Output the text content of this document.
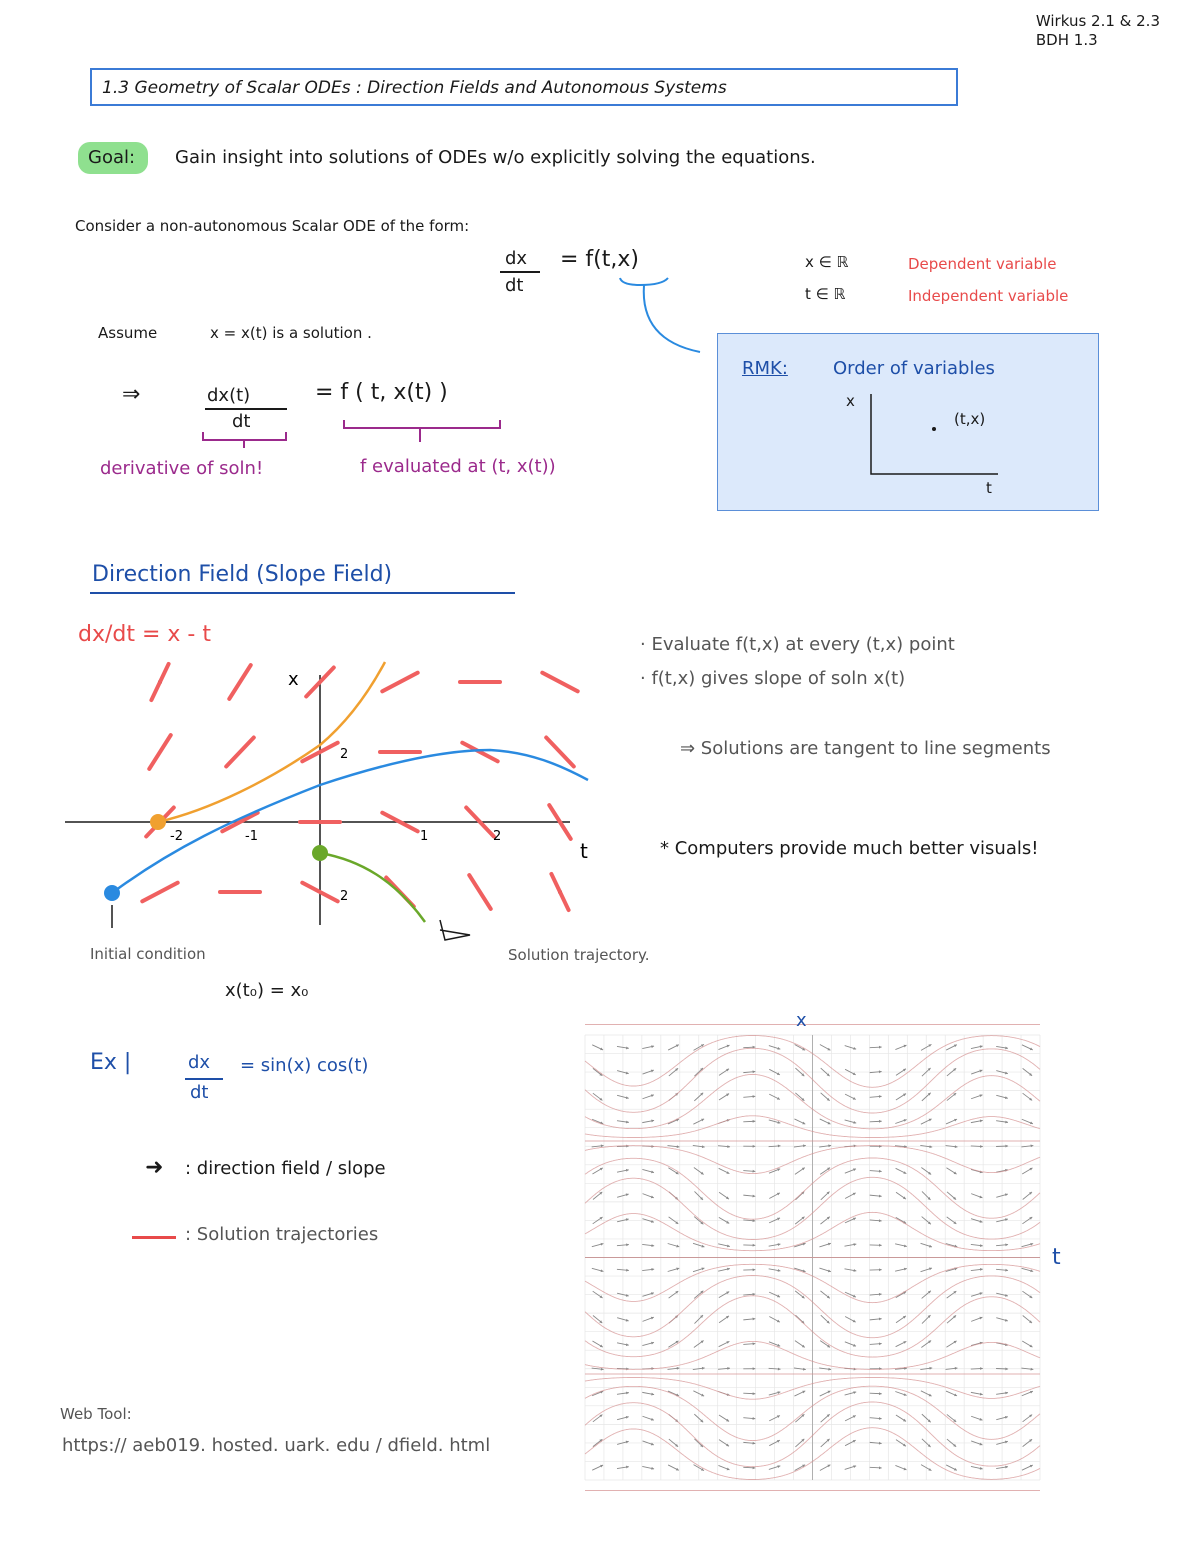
Wirkus 2.1 & 2.3
BDH 1.3
1.3 Geometry of Scalar ODEs : Direction Fields and Autonomous Systems
Goal: Gain insight into solutions of ODEs w/o explicitly solving the equations.
Consider a non-autonomous Scalar ODE of the form:
dx
dt
= f(t,x)	x ∈ ℝ	Dependent variable
t ∈ ℝ	Independent variable
Assume	x = x(t) is a solution .
⇒	dx(t)
dt
= f ( t, x(t) )
derivative of soln!	f evaluated at (t, x(t))
RMK:	Order of variables
x
t
(t,x)
Direction Field (Slope Field)
dx/dt = x - t
x
t
-2	-1	1	2
2
2
Initial condition
x(t₀) = x₀
Solution trajectory.
· Evaluate f(t,x) at every (t,x) point
· f(t,x) gives slope of soln x(t)
⇒ Solutions are tangent to line segments
* Computers provide much better visuals!
Ex |	dx
dt
= sin(x) cos(t)
➜ : direction field / slope
: Solution trajectories
x
t
Web Tool:
https:// aeb019. hosted. uark. edu / dfield. html
